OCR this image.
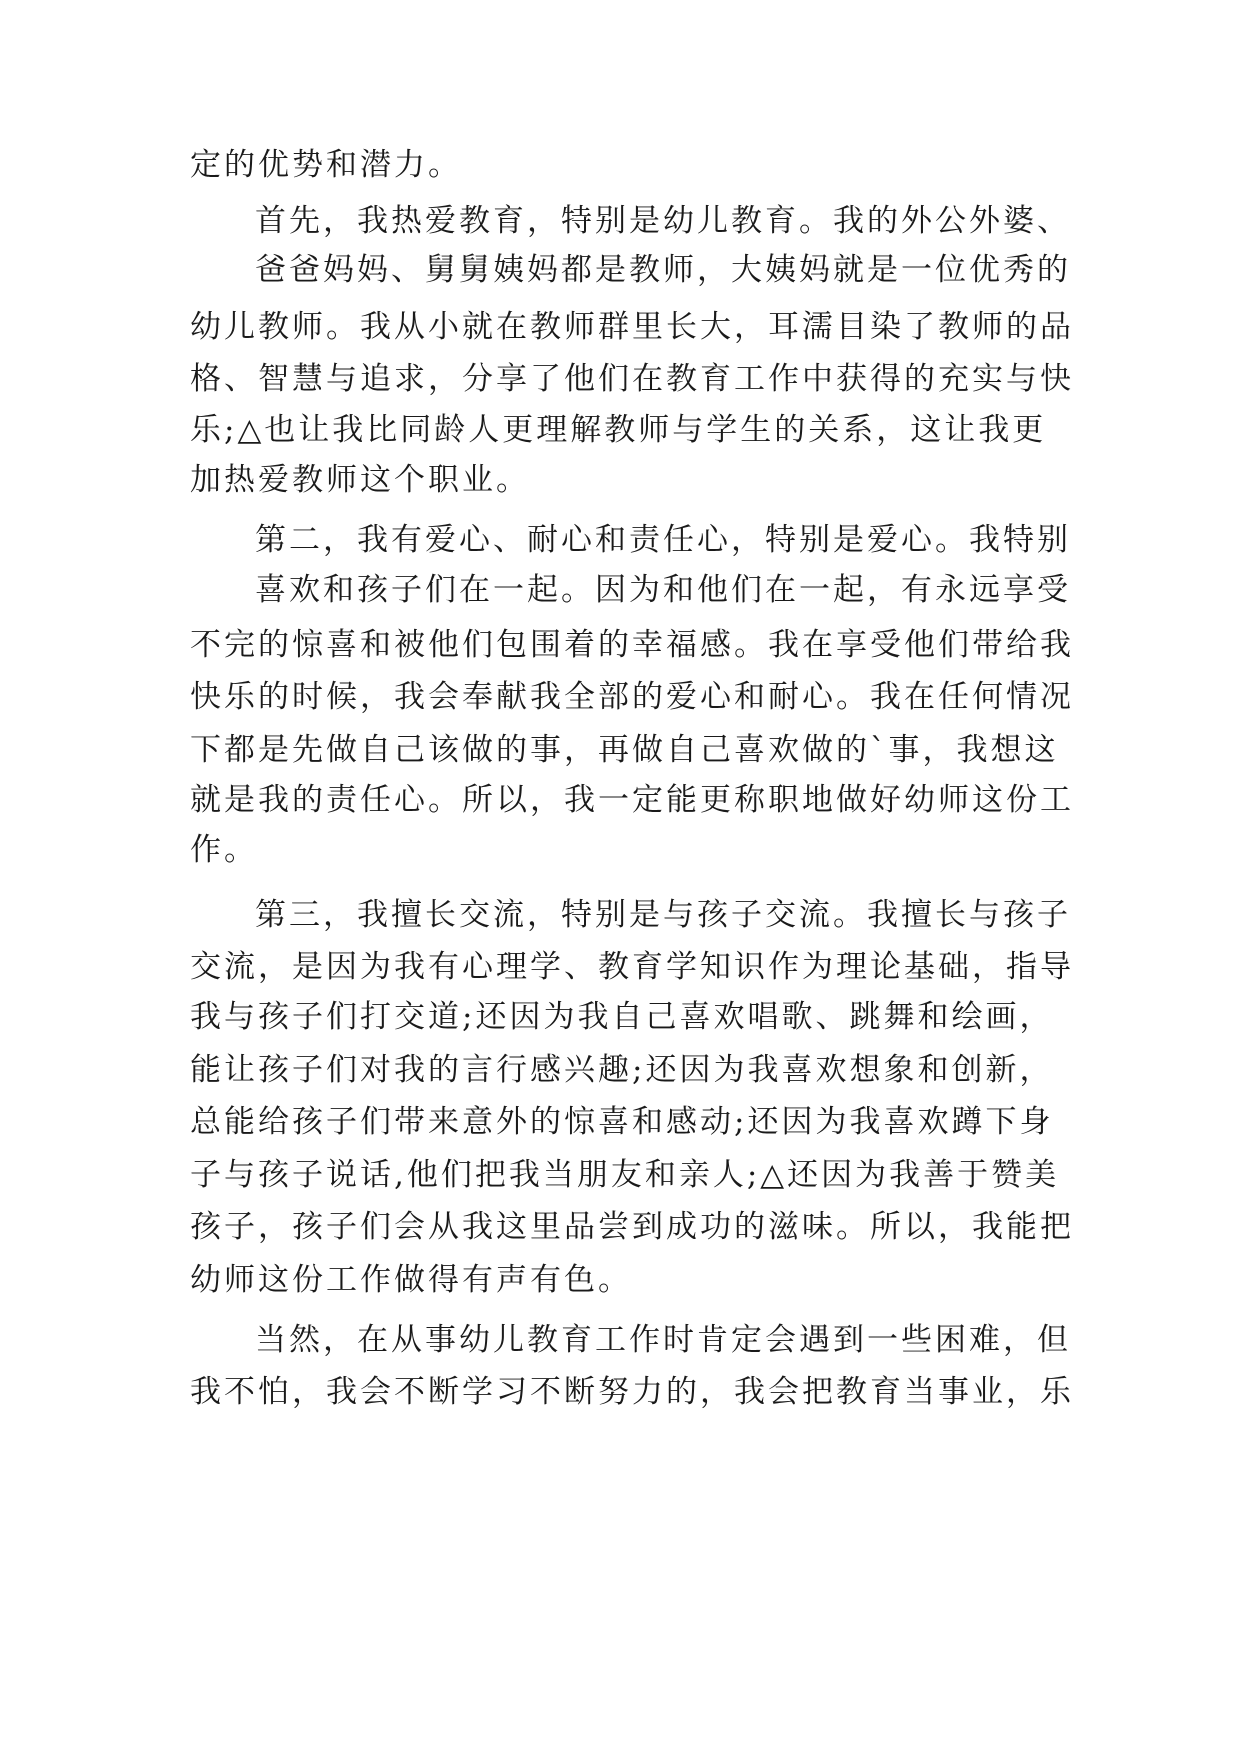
定的优势和潜力。
首先，我热爱教育，特别是幼儿教育。我的外公外婆、
爸爸妈妈、舅舅姨妈都是教师，大姨妈就是一位优秀的
幼儿教师。我从小就在教师群里长大，耳濡目染了教师的品
格、智慧与追求，分享了他们在教育工作中获得的充实与快
乐;△也让我比同龄人更理解教师与学生的关系，这让我更
加热爱教师这个职业。
第二，我有爱心、耐心和责任心，特别是爱心。我特别
喜欢和孩子们在一起。因为和他们在一起，有永远享受
不完的惊喜和被他们包围着的幸福感。我在享受他们带给我
快乐的时候，我会奉献我全部的爱心和耐心。我在任何情况
下都是先做自己该做的事，再做自己喜欢做的`事，我想这
就是我的责任心。所以，我一定能更称职地做好幼师这份工
作。
第三，我擅长交流，特别是与孩子交流。我擅长与孩子
交流，是因为我有心理学、教育学知识作为理论基础，指导
我与孩子们打交道;还因为我自己喜欢唱歌、跳舞和绘画，
能让孩子们对我的言行感兴趣;还因为我喜欢想象和创新，
总能给孩子们带来意外的惊喜和感动;还因为我喜欢蹲下身
子与孩子说话,他们把我当朋友和亲人;△还因为我善于赞美
孩子，孩子们会从我这里品尝到成功的滋味。所以，我能把
幼师这份工作做得有声有色。
当然，在从事幼儿教育工作时肯定会遇到一些困难，但
我不怕，我会不断学习不断努力的，我会把教育当事业，乐
